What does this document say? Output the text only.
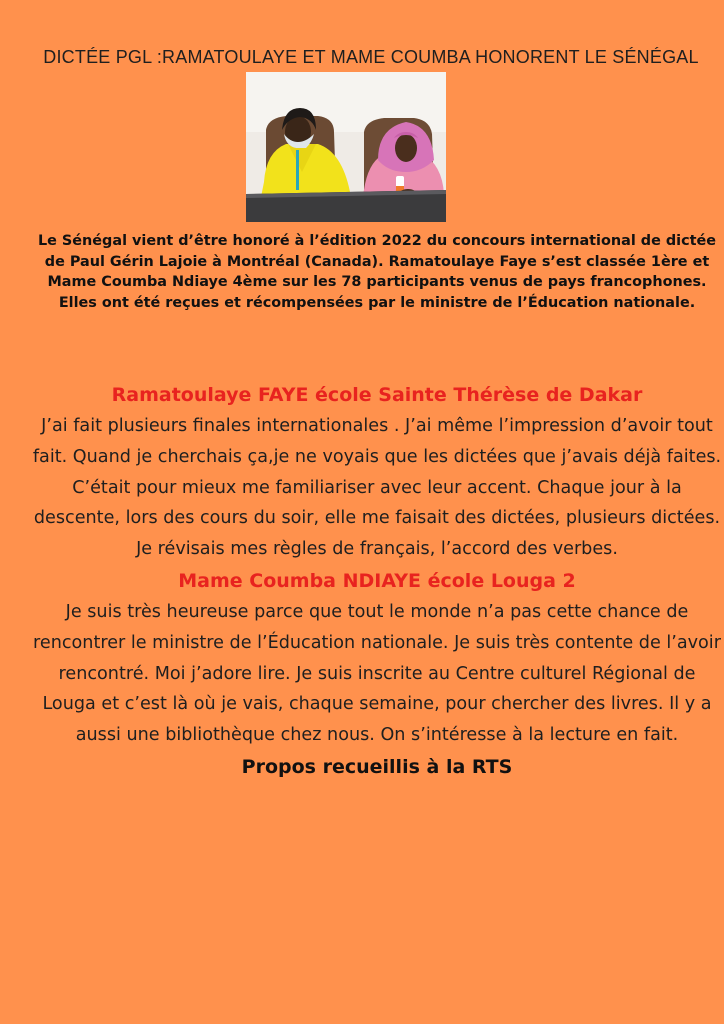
DICTÉE PGL :RAMATOULAYE ET MAME COUMBA HONORENT LE SÉNÉGAL
Le Sénégal vient d’être honoré à l’édition 2022 du concours international de dictée de Paul Gérin Lajoie à Montréal (Canada). Ramatoulaye Faye s’est classée 1ère et Mame Coumba Ndiaye 4ème sur les 78 participants venus de pays francophones. Elles ont été reçues et récompensées par le ministre de l’Éducation nationale.
Ramatoulaye FAYE école Sainte Thérèse de Dakar
J’ai fait plusieurs finales internationales . J’ai même l’impression d’avoir tout fait. Quand je cherchais ça,je ne voyais que les dictées que j’avais déjà faites. C’était pour mieux me familiariser avec leur accent. Chaque jour à la descente, lors des cours du soir, elle me faisait des dictées, plusieurs dictées. Je révisais mes règles de français, l’accord des verbes.
Mame Coumba NDIAYE école Louga 2
Je suis très heureuse parce que tout le monde n’a pas cette chance de rencontrer le ministre de l’Éducation nationale. Je suis très contente de l’avoir rencontré. Moi j’adore lire. Je suis inscrite au Centre culturel Régional de Louga et c’est là où je vais, chaque semaine, pour chercher des livres. Il y a aussi une bibliothèque chez nous. On s’intéresse à la lecture en fait.
Propos recueillis à la RTS
